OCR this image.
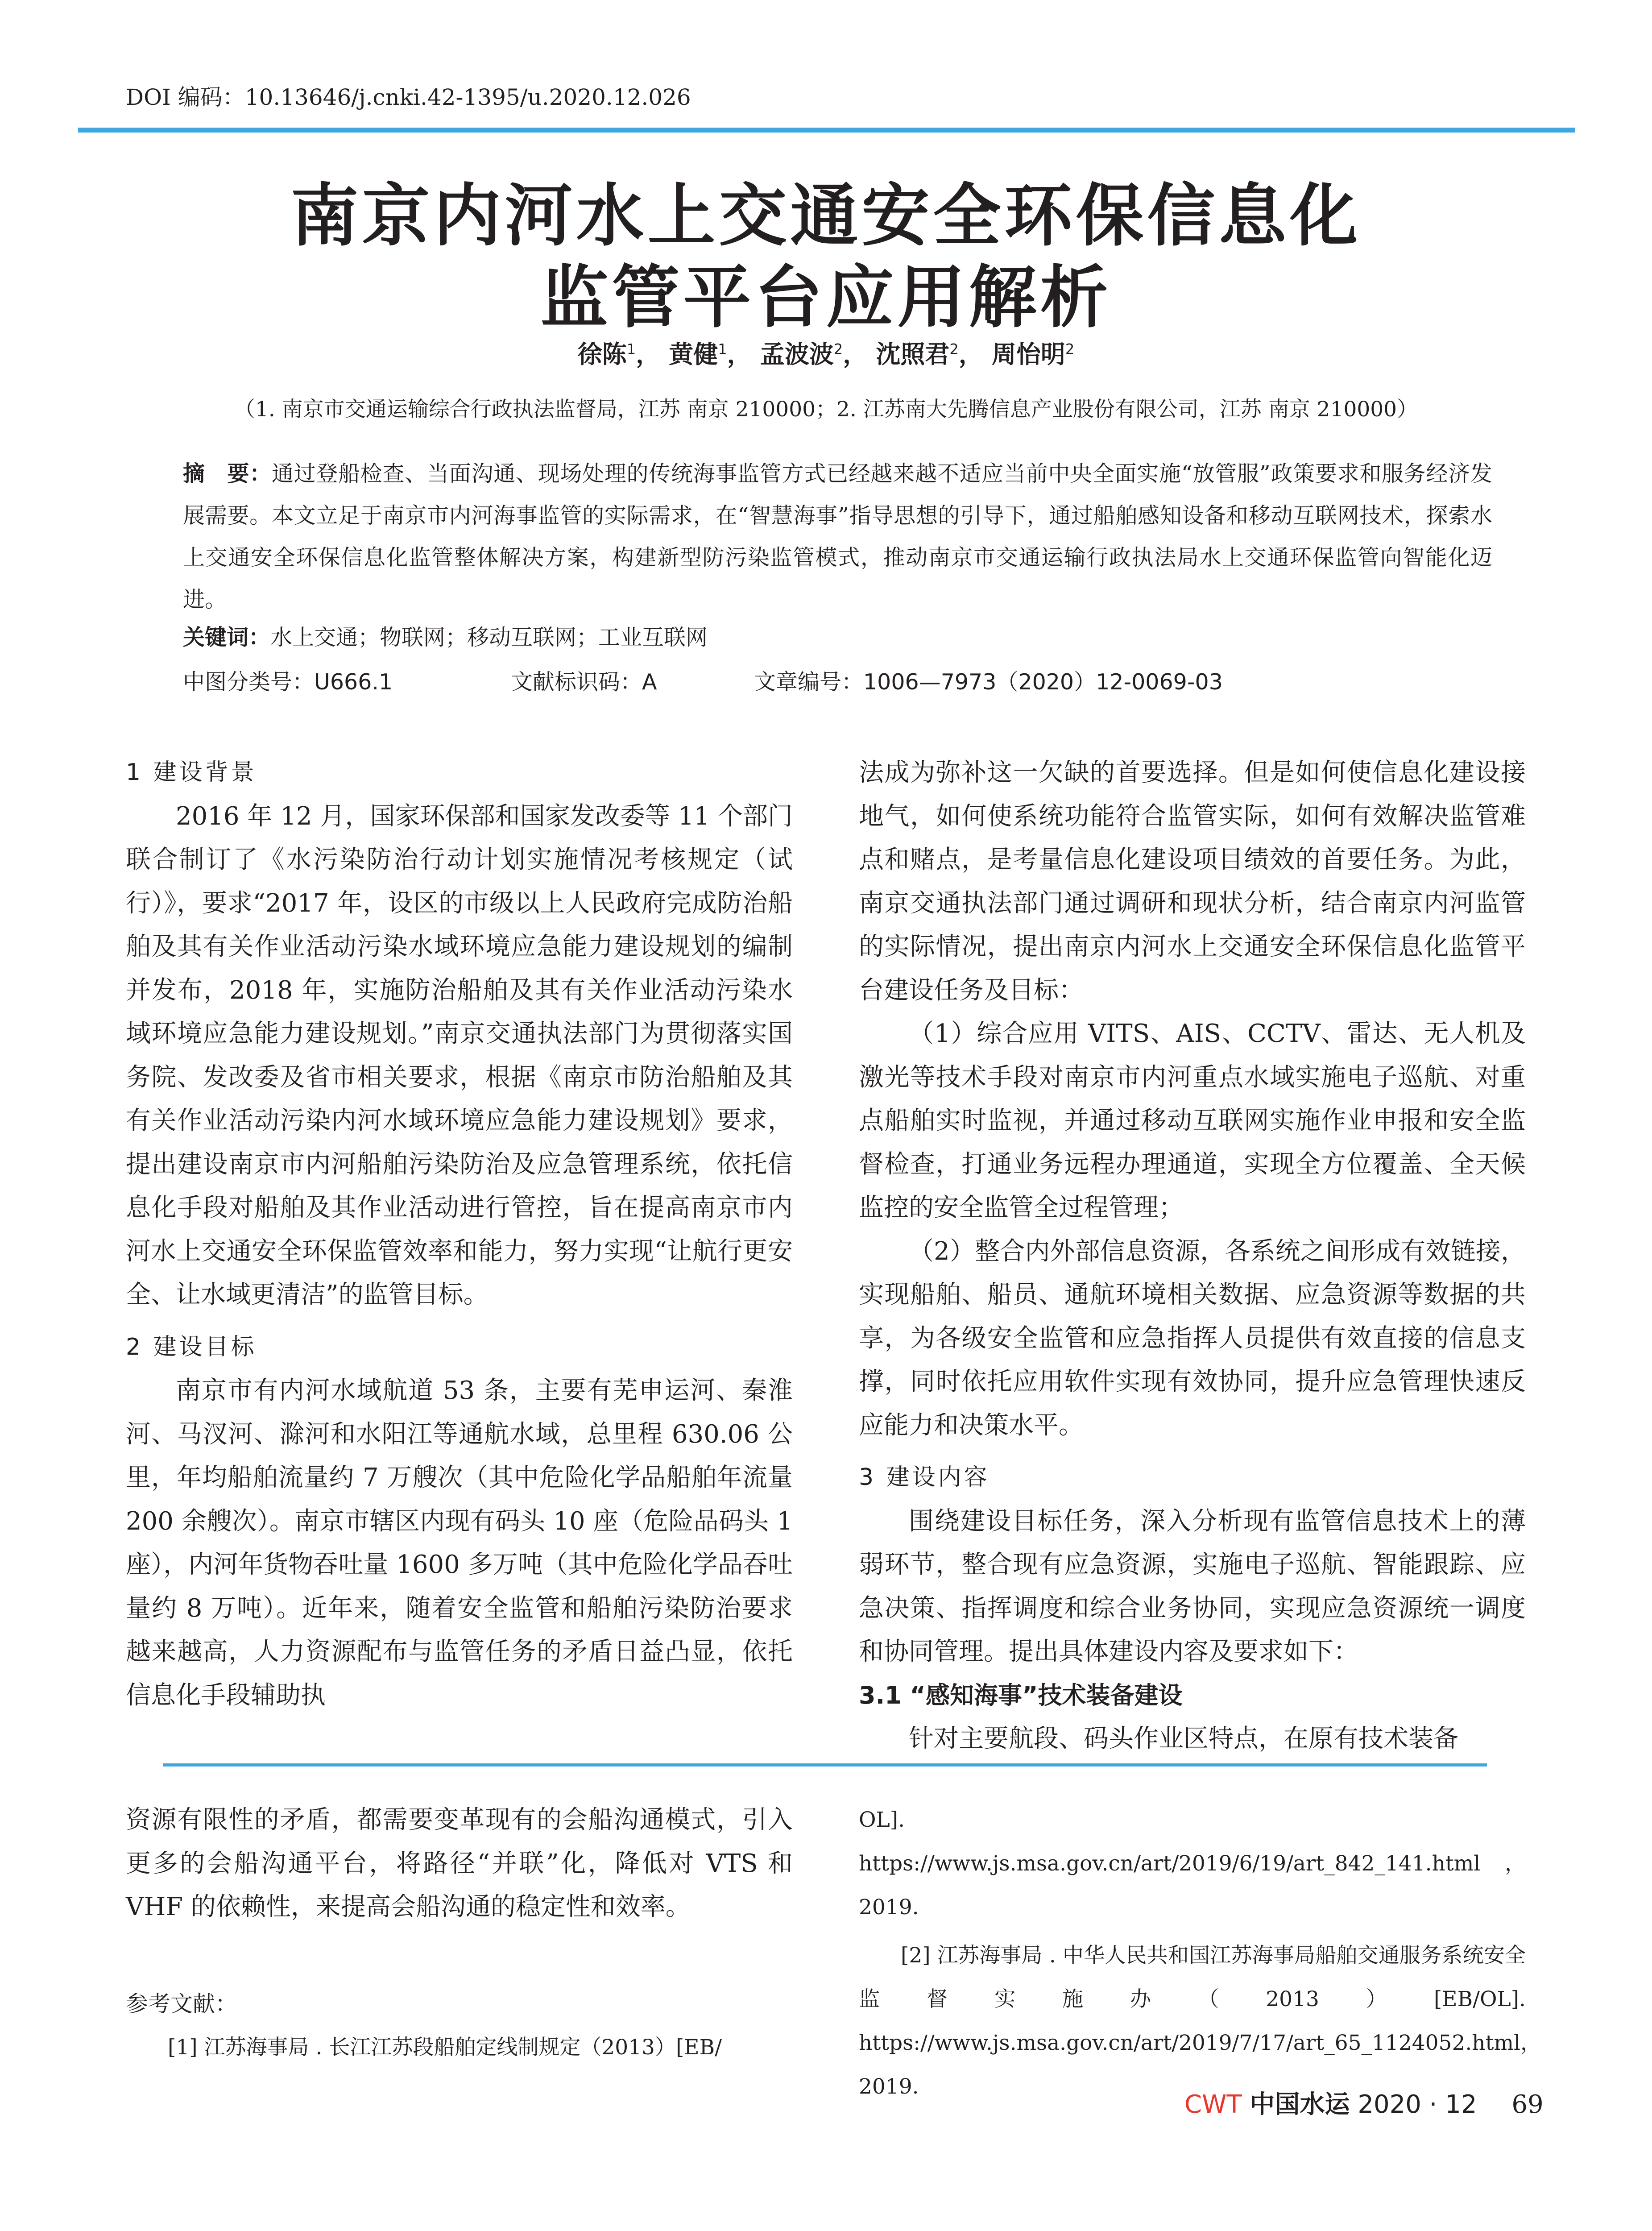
DOI 编码：10.13646/j.cnki.42-1395/u.2020.12.026
南京内河水上交通安全环保信息化
监管平台应用解析
徐陈$^1$， 黄健$^1$， 孟波波$^2$， 沈照君$^2$， 周怡明$^2$
（1. 南京市交通运输综合行政执法监督局，江苏 南京 210000；2. 江苏南大先腾信息产业股份有限公司，江苏 南京 210000）
摘　要：通过登船检查、当面沟通、现场处理的传统海事监管方式已经越来越不适应当前中央全面实施“放管服”政策要求和服务经济发展需要。本文立足于南京市内河海事监管的实际需求，在“智慧海事”指导思想的引导下，通过船舶感知设备和移动互联网技术，探索水上交通安全环保信息化监管整体解决方案，构建新型防污染监管模式，推动南京市交通运输行政执法局水上交通环保监管向智能化迈进。
关键词：水上交通；物联网；移动互联网；工业互联网
中图分类号：U666.1	文献标识码：A	文章编号：1006—7973（2020）12-0069-03

1 建设背景

2016 年 12 月，国家环保部和国家发改委等 11 个部门联合制订了《水污染防治行动计划实施情况考核规定（试行）》，要求“2017 年，设区的市级以上人民政府完成防治船舶及其有关作业活动污染水域环境应急能力建设规划的编制并发布，2018 年，实施防治船舶及其有关作业活动污染水域环境应急能力建设规划。”南京交通执法部门为贯彻落实国务院、发改委及省市相关要求，根据《南京市防治船舶及其有关作业活动污染内河水域环境应急能力建设规划》要求，提出建设南京市内河船舶污染防治及应急管理系统，依托信息化手段对船舶及其作业活动进行管控，旨在提高南京市内河水上交通安全环保监管效率和能力，努力实现“让航行更安全、让水域更清洁”的监管目标。

2 建设目标

南京市有内河水域航道 53 条，主要有芜申运河、秦淮河、马汊河、滁河和水阳江等通航水域，总里程 630.06 公里，年均船舶流量约 7 万艘次（其中危险化学品船舶年流量 200 余艘次）。南京市辖区内现有码头 10 座（危险品码头 1 座），内河年货物吞吐量 1600 多万吨（其中危险化学品吞吐量约 8 万吨）。近年来，随着安全监管和船舶污染防治要求越来越高，人力资源配布与监管任务的矛盾日益凸显，依托信息化手段辅助执

法成为弥补这一欠缺的首要选择。但是如何使信息化建设接地气，如何使系统功能符合监管实际，如何有效解决监管难点和赌点，是考量信息化建设项目绩效的首要任务。为此，南京交通执法部门通过调研和现状分析，结合南京内河监管的实际情况，提出南京内河水上交通安全环保信息化监管平台建设任务及目标：

（1）综合应用 VITS、AIS、CCTV、雷达、无人机及激光等技术手段对南京市内河重点水域实施电子巡航、对重点船舶实时监视，并通过移动互联网实施作业申报和安全监督检查，打通业务远程办理通道，实现全方位覆盖、全天候监控的安全监管全过程管理；

（2）整合内外部信息资源，各系统之间形成有效链接，实现船舶、船员、通航环境相关数据、应急资源等数据的共享，为各级安全监管和应急指挥人员提供有效直接的信息支撑，同时依托应用软件实现有效协同，提升应急管理快速反应能力和决策水平。

3 建设内容

围绕建设目标任务，深入分析现有监管信息技术上的薄弱环节，整合现有应急资源，实施电子巡航、智能跟踪、应急决策、指挥调度和综合业务协同，实现应急资源统一调度和协同管理。提出具体建设内容及要求如下：

3.1 “感知海事”技术装备建设

针对主要航段、码头作业区特点，在原有技术装备

资源有限性的矛盾，都需要变革现有的会船沟通模式，引入更多的会船沟通平台，将路径“并联”化，降低对 VTS 和 VHF 的依赖性，来提高会船沟通的稳定性和效率。

参考文献：

[1] 江苏海事局 . 长江江苏段船舶定线制规定（2013）[EB/

OL]. https://www.js.msa.gov.cn/art/2019/6/19/art_842_141.html，2019.

[2] 江苏海事局 . 中华人民共和国江苏海事局船舶交通服务系统安全监督实施办（2013）[EB/OL]. https://www.js.msa.gov.cn/art/2019/7/17/art_65_1124052.html，2019.

CWT 中国水运 2020 · 12 69
